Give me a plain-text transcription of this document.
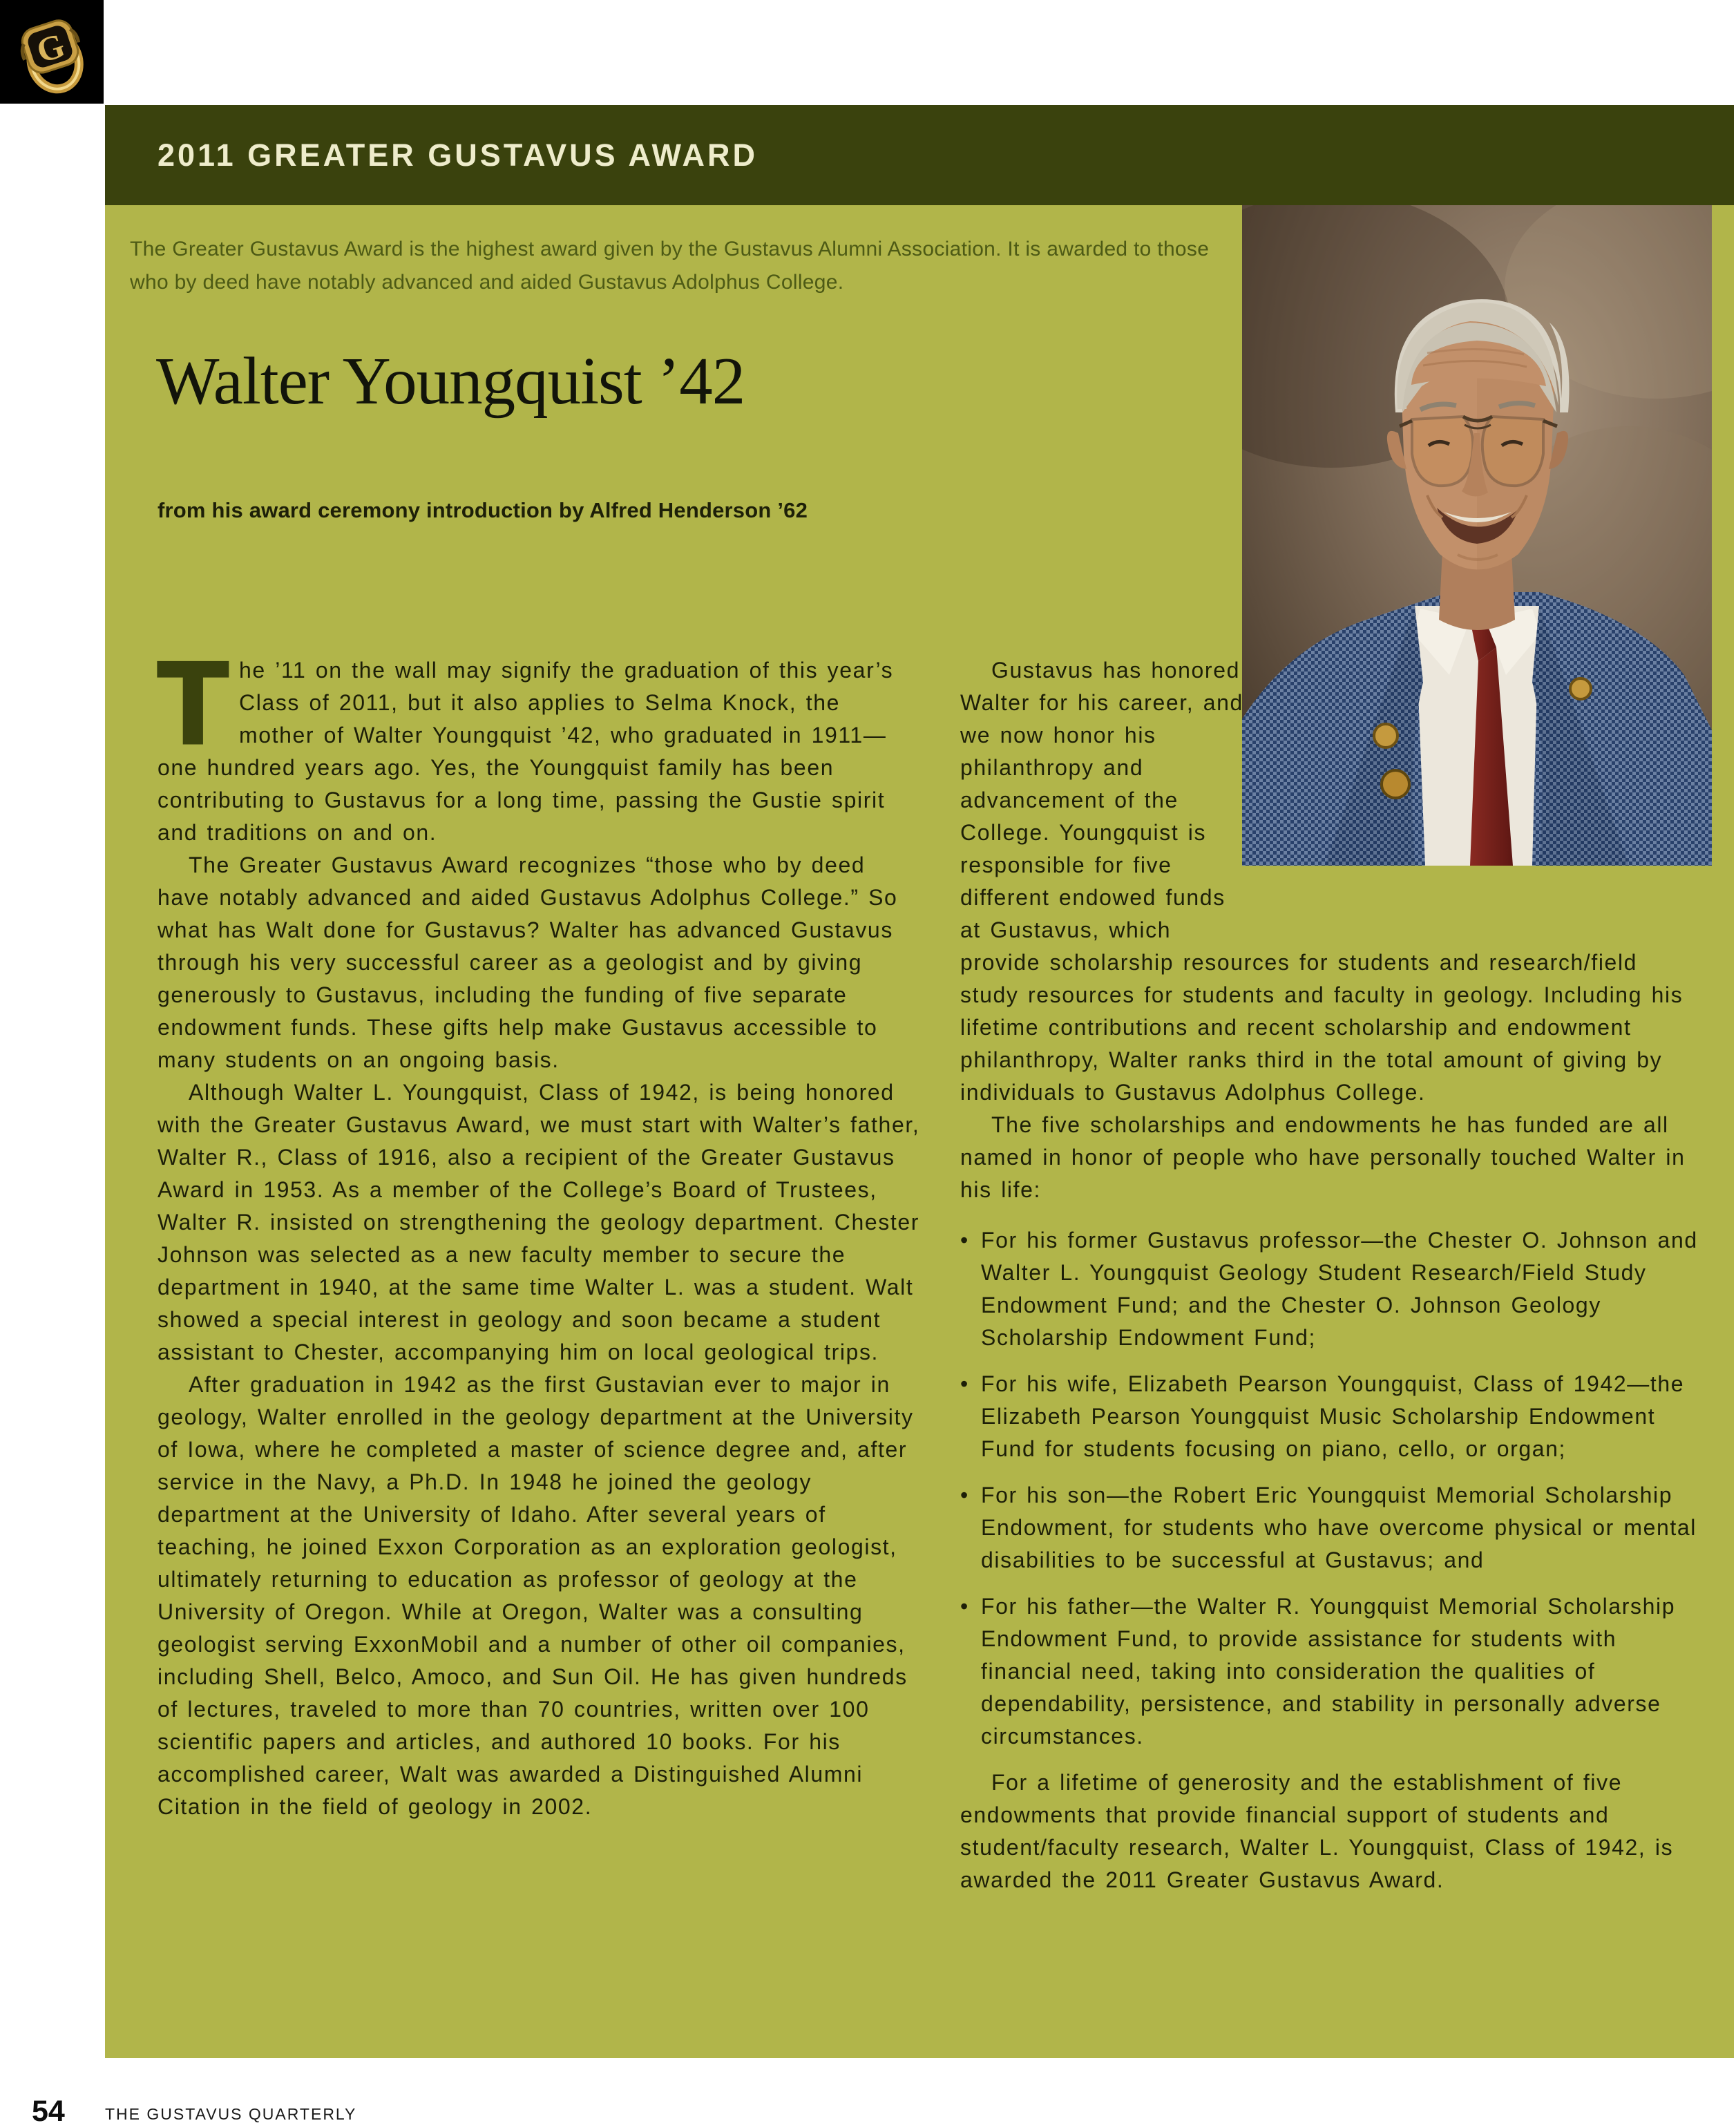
G
2011 GREATER GUSTAVUS AWARD
The Greater Gustavus Award is the highest award given by the Gustavus Alumni Association. It is awarded to those who by deed have notably advanced and aided Gustavus Adolphus College.
Walter Youngquist ’42

from his award ceremony introduction by Alfred Henderson ’62

The ’11 on the wall may signify the graduation of this year’s Class of 2011, but it also applies to Selma Knock, the mother of Walter Youngquist ’42, who graduated in 1911—one hundred years ago. Yes, the Youngquist family has been contributing to Gustavus for a long time, passing the Gustie spirit and traditions on and on.

The Greater Gustavus Award recognizes “those who by deed have notably advanced and aided Gustavus Adolphus College.” So what has Walt done for Gustavus? Walter has advanced Gustavus through his very successful career as a geologist and by giving generously to Gustavus, including the funding of five separate endowment funds. These gifts help make Gustavus accessible to many students on an ongoing basis.

Although Walter L. Youngquist, Class of 1942, is being honored with the Greater Gustavus Award, we must start with Walter’s father, Walter R., Class of 1916, also a recipient of the Greater Gustavus Award in 1953. As a member of the College’s Board of Trustees, Walter R. insisted on strengthening the geology department. Chester Johnson was selected as a new faculty member to secure the department in 1940, at the same time Walter L. was a student. Walt showed a special interest in geology and soon became a student assistant to Chester, accompanying him on local geological trips.

After graduation in 1942 as the first Gustavian ever to major in geology, Walter enrolled in the geology department at the University of Iowa, where he completed a master of science degree and, after service in the Navy, a Ph.D. In 1948 he joined the geology department at the University of Idaho. After several years of teaching, he joined Exxon Corporation as an exploration geologist, ultimately returning to education as professor of geology at the University of Oregon. While at Oregon, Walter was a consulting geologist serving ExxonMobil and a number of other oil companies, including Shell, Belco, Amoco, and Sun Oil. He has given hundreds of lectures, traveled to more than 70 countries, written over 100 scientific papers and articles, and authored 10 books. For his accomplished career, Walt was awarded a Distinguished Alumni Citation in the field of geology in 2002.

Gustavus has honored Walter for his career, and we now honor his philanthropy and advancement of the College. Youngquist is responsible for five different endowed funds at Gustavus, which provide scholarship resources for students and research/field study resources for students and faculty in geology. Including his lifetime contributions and recent scholarship and endowment philanthropy, Walter ranks third in the total amount of giving by individuals to Gustavus Adolphus College.

The five scholarships and endowments he has funded are all named in honor of people who have personally touched Walter in his life:

• For his former Gustavus professor—the Chester O. Johnson and Walter L. Youngquist Geology Student Research/Field Study Endowment Fund; and the Chester O. Johnson Geology Scholarship Endowment Fund;
• For his wife, Elizabeth Pearson Youngquist, Class of 1942—the Elizabeth Pearson Youngquist Music Scholarship Endowment Fund for students focusing on piano, cello, or organ;
• For his son—the Robert Eric Youngquist Memorial Scholarship Endowment, for students who have overcome physical or mental disabilities to be successful at Gustavus; and
• For his father—the Walter R. Youngquist Memorial Scholarship Endowment Fund, to provide assistance for students with financial need, taking into consideration the qualities of dependability, persistence, and stability in personally adverse circumstances.

For a lifetime of generosity and the establishment of five endowments that provide financial support of students and student/faculty research, Walter L. Youngquist, Class of 1942, is awarded the 2011 Greater Gustavus Award.

54	THE GUSTAVUS QUARTERLY
